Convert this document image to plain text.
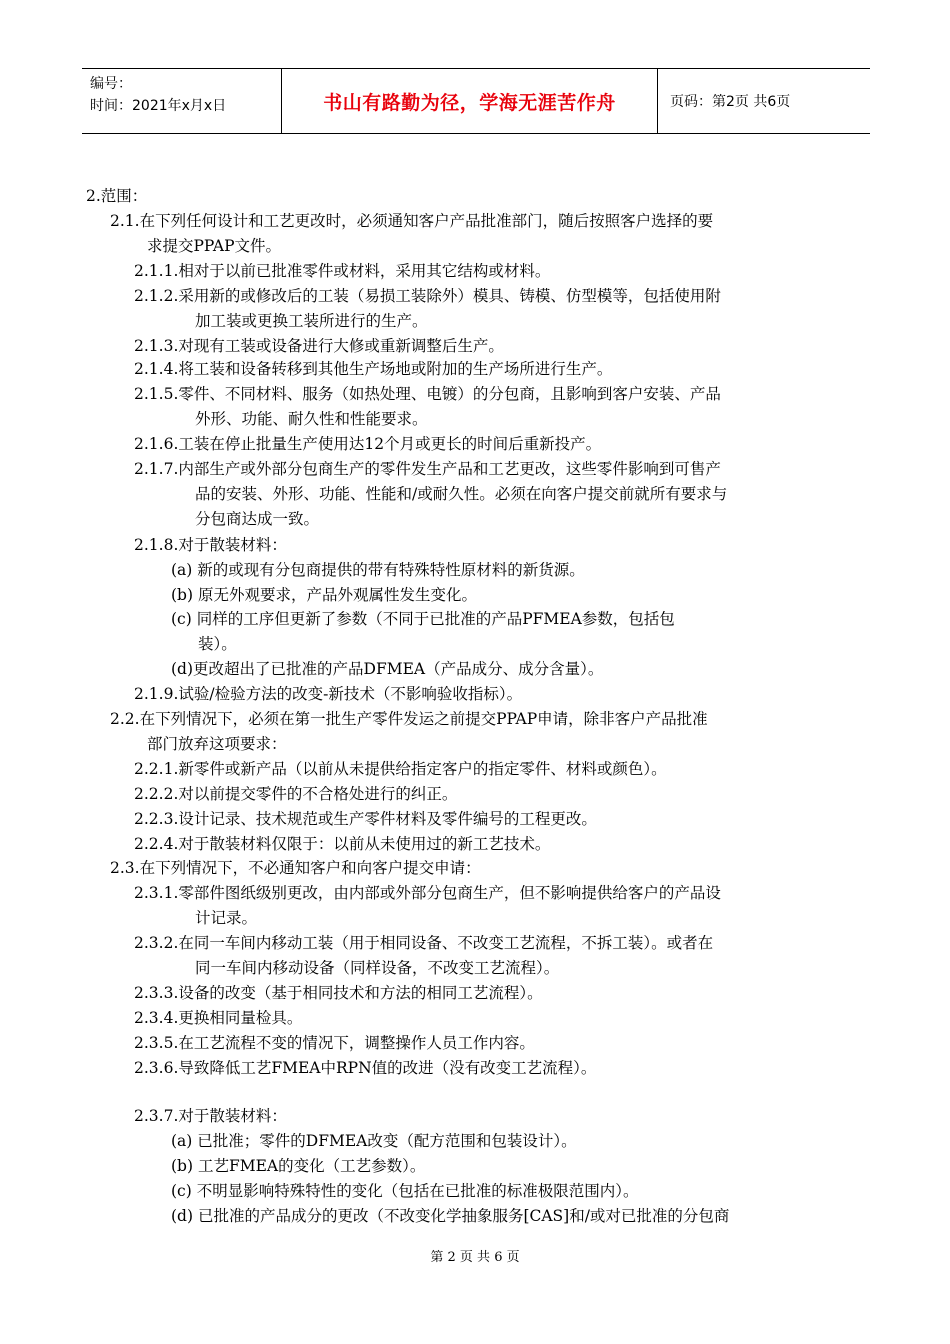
编号：
时间：2021年x月x日	书山有路勤为径，学海无涯苦作舟	页码：第2页 共6页
2.范围：
2.1.在下列任何设计和工艺更改时，必须通知客户产品批准部门，随后按照客户选择的要
求提交PPAP文件。
2.1.1.相对于以前已批准零件或材料，采用其它结构或材料。
2.1.2.采用新的或修改后的工装（易损工装除外）模具、铸模、仿型模等，包括使用附
加工装或更换工装所进行的生产。
2.1.3.对现有工装或设备进行大修或重新调整后生产。
2.1.4.将工装和设备转移到其他生产场地或附加的生产场所进行生产。
2.1.5.零件、不同材料、服务（如热处理、电镀）的分包商，且影响到客户安装、产品
外形、功能、耐久性和性能要求。
2.1.6.工装在停止批量生产使用达12个月或更长的时间后重新投产。
2.1.7.内部生产或外部分包商生产的零件发生产品和工艺更改，这些零件影响到可售产
品的安装、外形、功能、性能和/或耐久性。必须在向客户提交前就所有要求与
分包商达成一致。
2.1.8.对于散装材料：
(a) 新的或现有分包商提供的带有特殊特性原材料的新货源。
(b) 原无外观要求，产品外观属性发生变化。
(c) 同样的工序但更新了参数（不同于已批准的产品PFMEA参数，包括包
装）。
(d)更改超出了已批准的产品DFMEA（产品成分、成分含量）。
2.1.9.试验/检验方法的改变-新技术（不影响验收指标）。
2.2.在下列情况下，必须在第一批生产零件发运之前提交PPAP申请，除非客户产品批准
部门放弃这项要求：
2.2.1.新零件或新产品（以前从未提供给指定客户的指定零件、材料或颜色）。
2.2.2.对以前提交零件的不合格处进行的纠正。
2.2.3.设计记录、技术规范或生产零件材料及零件编号的工程更改。
2.2.4.对于散装材料仅限于：以前从未使用过的新工艺技术。
2.3.在下列情况下，不必通知客户和向客户提交申请：
2.3.1.零部件图纸级别更改，由内部或外部分包商生产，但不影响提供给客户的产品设
计记录。
2.3.2.在同一车间内移动工装（用于相同设备、不改变工艺流程，不拆工装）。或者在
同一车间内移动设备（同样设备，不改变工艺流程）。
2.3.3.设备的改变（基于相同技术和方法的相同工艺流程）。
2.3.4.更换相同量检具。
2.3.5.在工艺流程不变的情况下，调整操作人员工作内容。
2.3.6.导致降低工艺FMEA中RPN值的改进（没有改变工艺流程）。
2.3.7.对于散装材料：
(a) 已批准；零件的DFMEA改变（配方范围和包装设计）。
(b) 工艺FMEA的变化（工艺参数）。
(c) 不明显影响特殊特性的变化（包括在已批准的标准极限范围内）。
(d) 已批准的产品成分的更改（不改变化学抽象服务[CAS]和/或对已批准的分包商
第 2 页 共 6 页
